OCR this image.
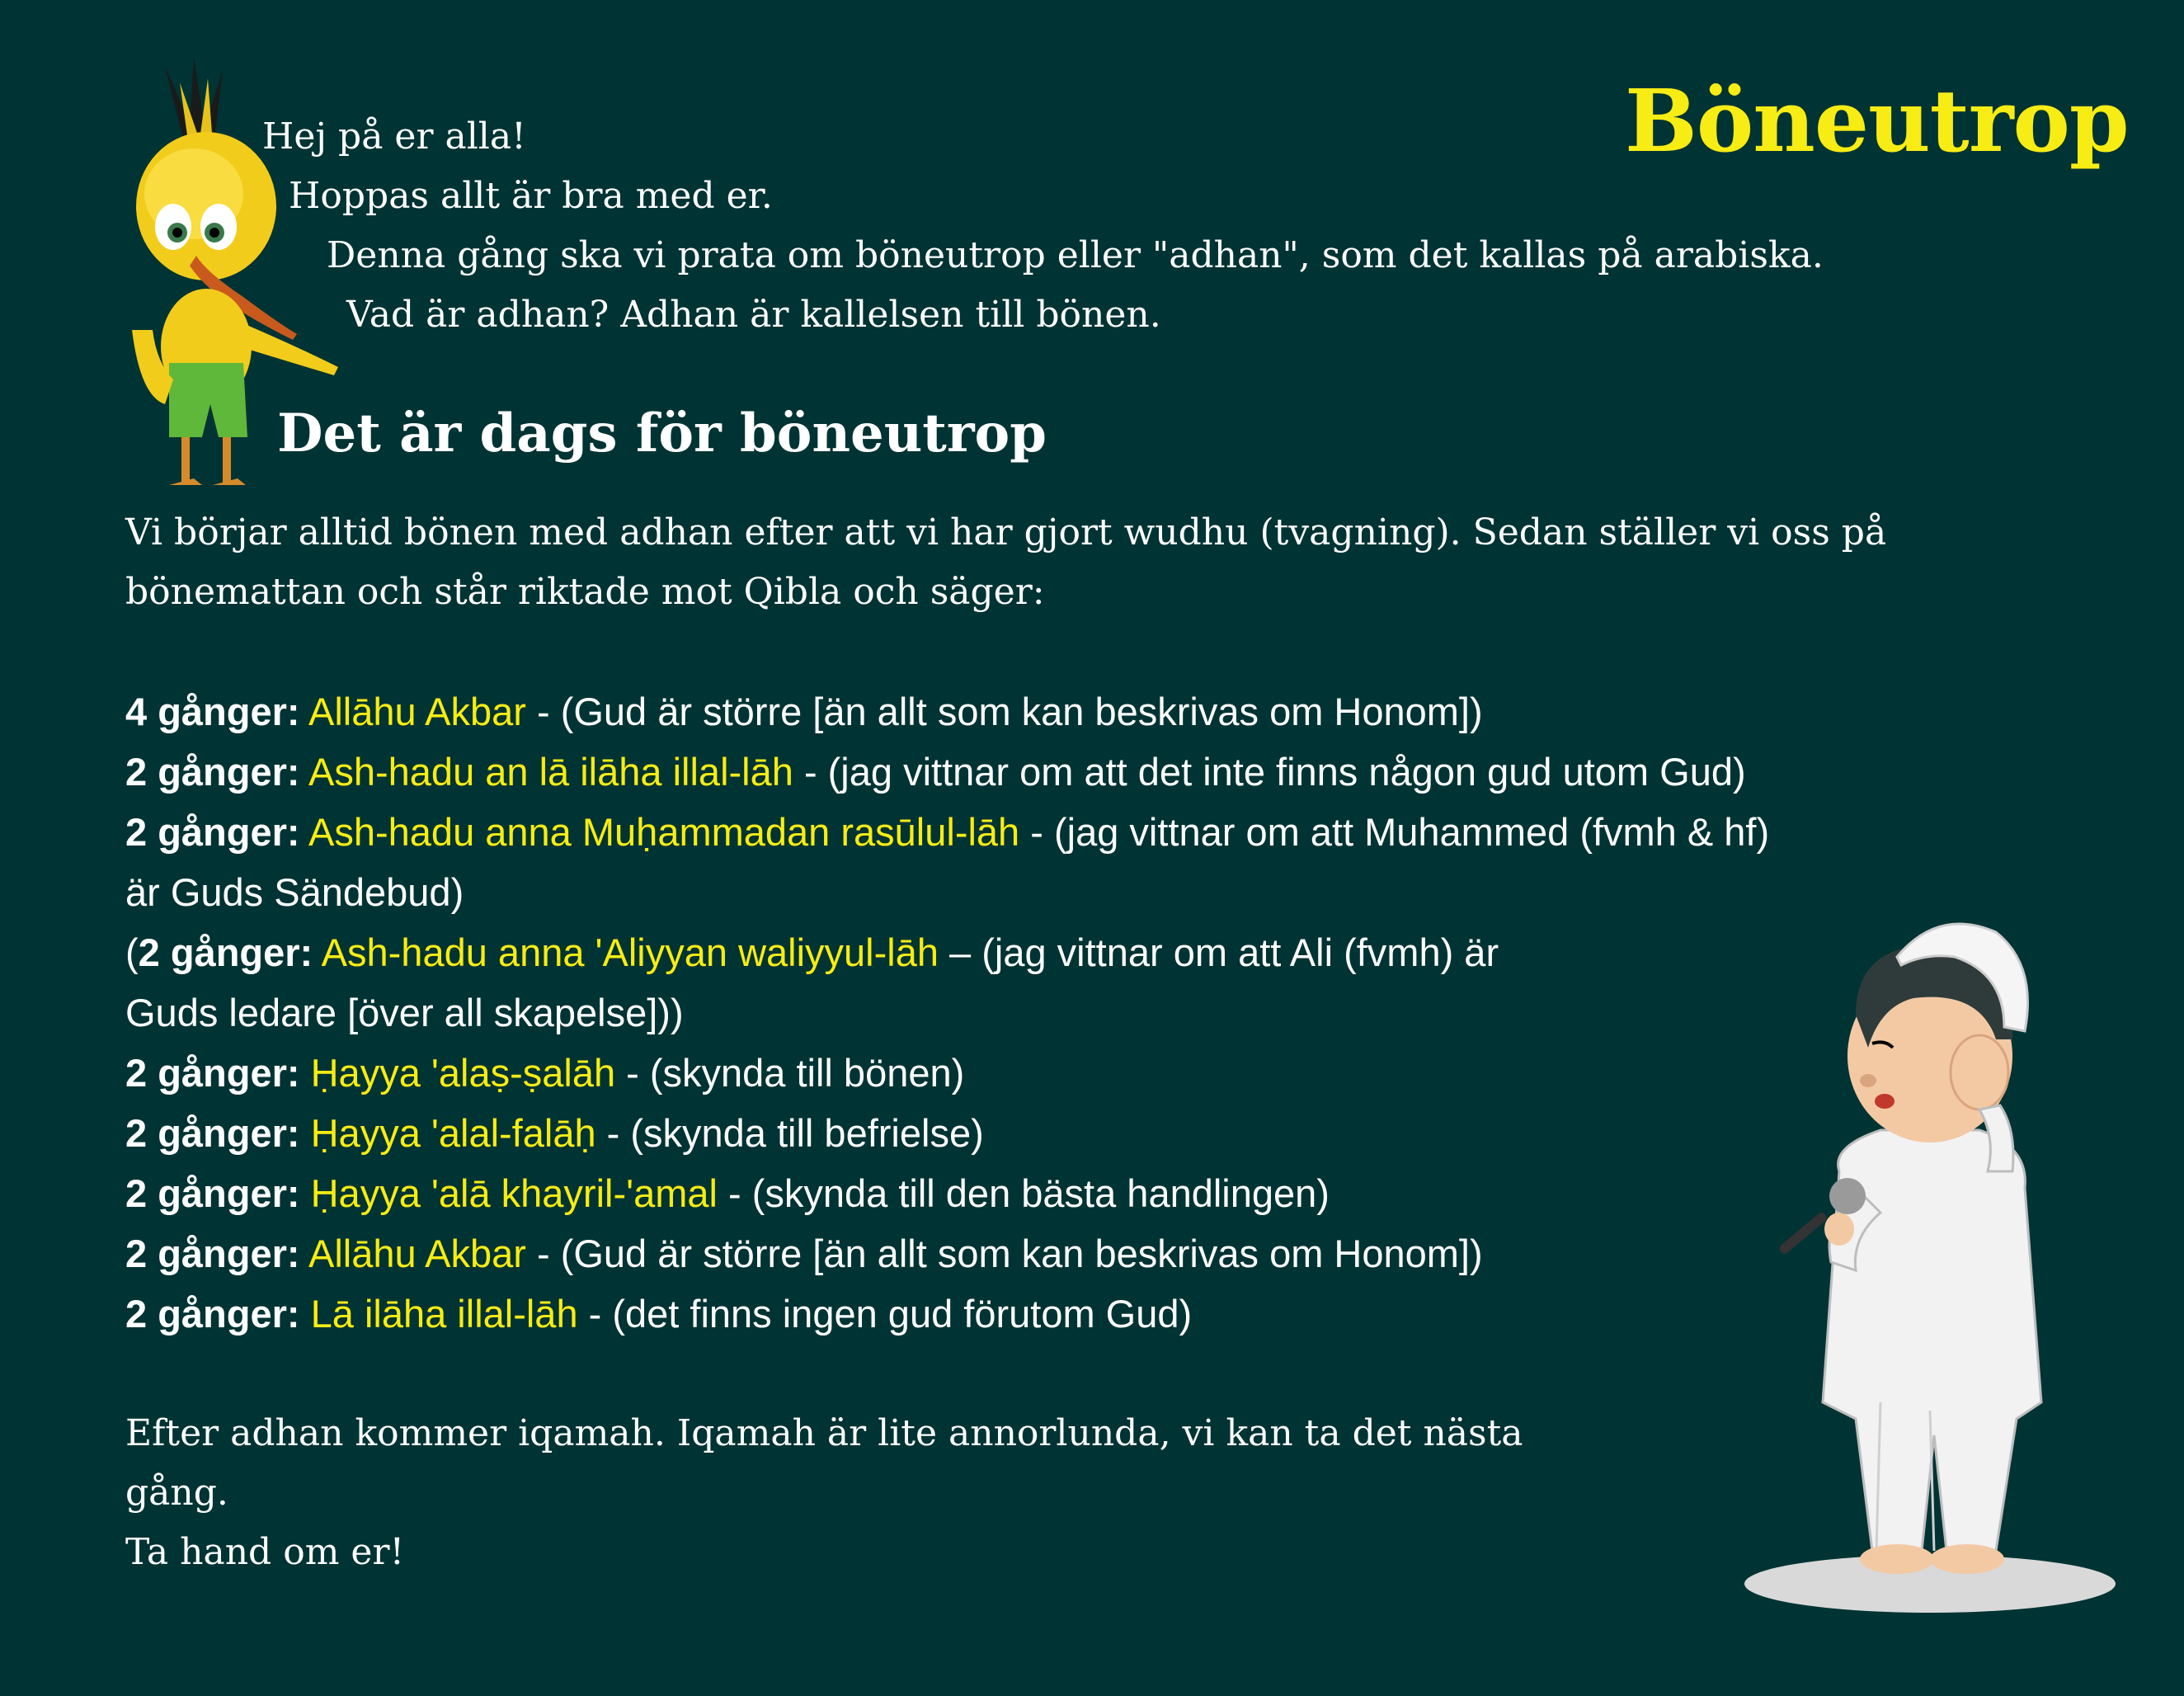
Böneutrop

Hej på er alla!

Hoppas allt är bra med er.

Denna gång ska vi prata om böneutrop eller "adhan", som det kallas på arabiska.

Vad är adhan? Adhan är kallelsen till bönen.

Det är dags för böneutrop

Vi börjar alltid bönen med adhan efter att vi har gjort wudhu (tvagning). Sedan ställer vi oss på

bönemattan och står riktade mot Qibla och säger:

4 gånger: Allāhu Akbar - (Gud är större [än allt som kan beskrivas om Honom])

2 gånger: Ash-hadu an lā ilāha illal-lāh - (jag vittnar om att det inte finns någon gud utom Gud)

2 gånger: Ash-hadu anna Muḥammadan rasūlul-lāh - (jag vittnar om att Muhammed (fvmh & hf)

är Guds Sändebud)

(2 gånger: Ash-hadu anna 'Aliyyan waliyyul-lāh – (jag vittnar om att Ali (fvmh) är

Guds ledare [över all skapelse]))

2 gånger: Ḥayya 'alaṣ-ṣalāh - (skynda till bönen)

2 gånger: Ḥayya 'alal-falāḥ - (skynda till befrielse)

2 gånger: Ḥayya 'alā khayril-'amal - (skynda till den bästa handlingen)

2 gånger: Allāhu Akbar - (Gud är större [än allt som kan beskrivas om Honom])

2 gånger: Lā ilāha illal-lāh - (det finns ingen gud förutom Gud)

Efter adhan kommer iqamah. Iqamah är lite annorlunda, vi kan ta det nästa

gång.

Ta hand om er!
